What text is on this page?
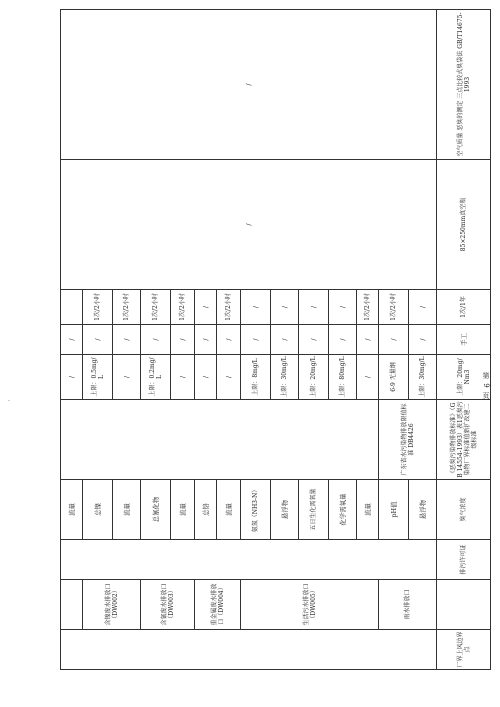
			流量		/	/		/	/
	含镍废水排放口（DW002）		总镍		上限：0.5mg/L	/	1次/2小时		
			流量		/	/	1次/2小时		
	含氰废水排放口（DW003）		总氰化物		上限：0.2mg/L	/	1次/2小时		
			流量		/	/	1次/2小时		
	重金属废水排放口（DW004）		总铬		/	/	/		
			流量		/	/	1次/2小时		
	生活污水排放口（DW005）		氨氮（NH3-N）		上限：8mg/L	/	/		
			悬浮物		上限：30mg/L	/	/		
			五日生化需氧量		上限：20mg/L	/	/		
			化学需氧量		上限：80mg/L	/	/		
			流量		/	/	1次/2小时		
	雨水排放口		pH值	广东省水污染物排放限值标准 DB4426	6-9 无量纲	/	1次/2小时		
			悬浮物		上限：30mg/L	/	/		
厂界上风边界点		排污许可证	臭气浓度	《恶臭污染物排放标准》（GB 14554-1993）表1恶臭污染物厂界标准值新扩改建二级标准	上限：20mg/Nm3	手工	1次/1年	85×250mm真空瓶	空气质量 恶臭的测定 三点比较式臭袋法 GB/T14675-1993
第 9 页
·
